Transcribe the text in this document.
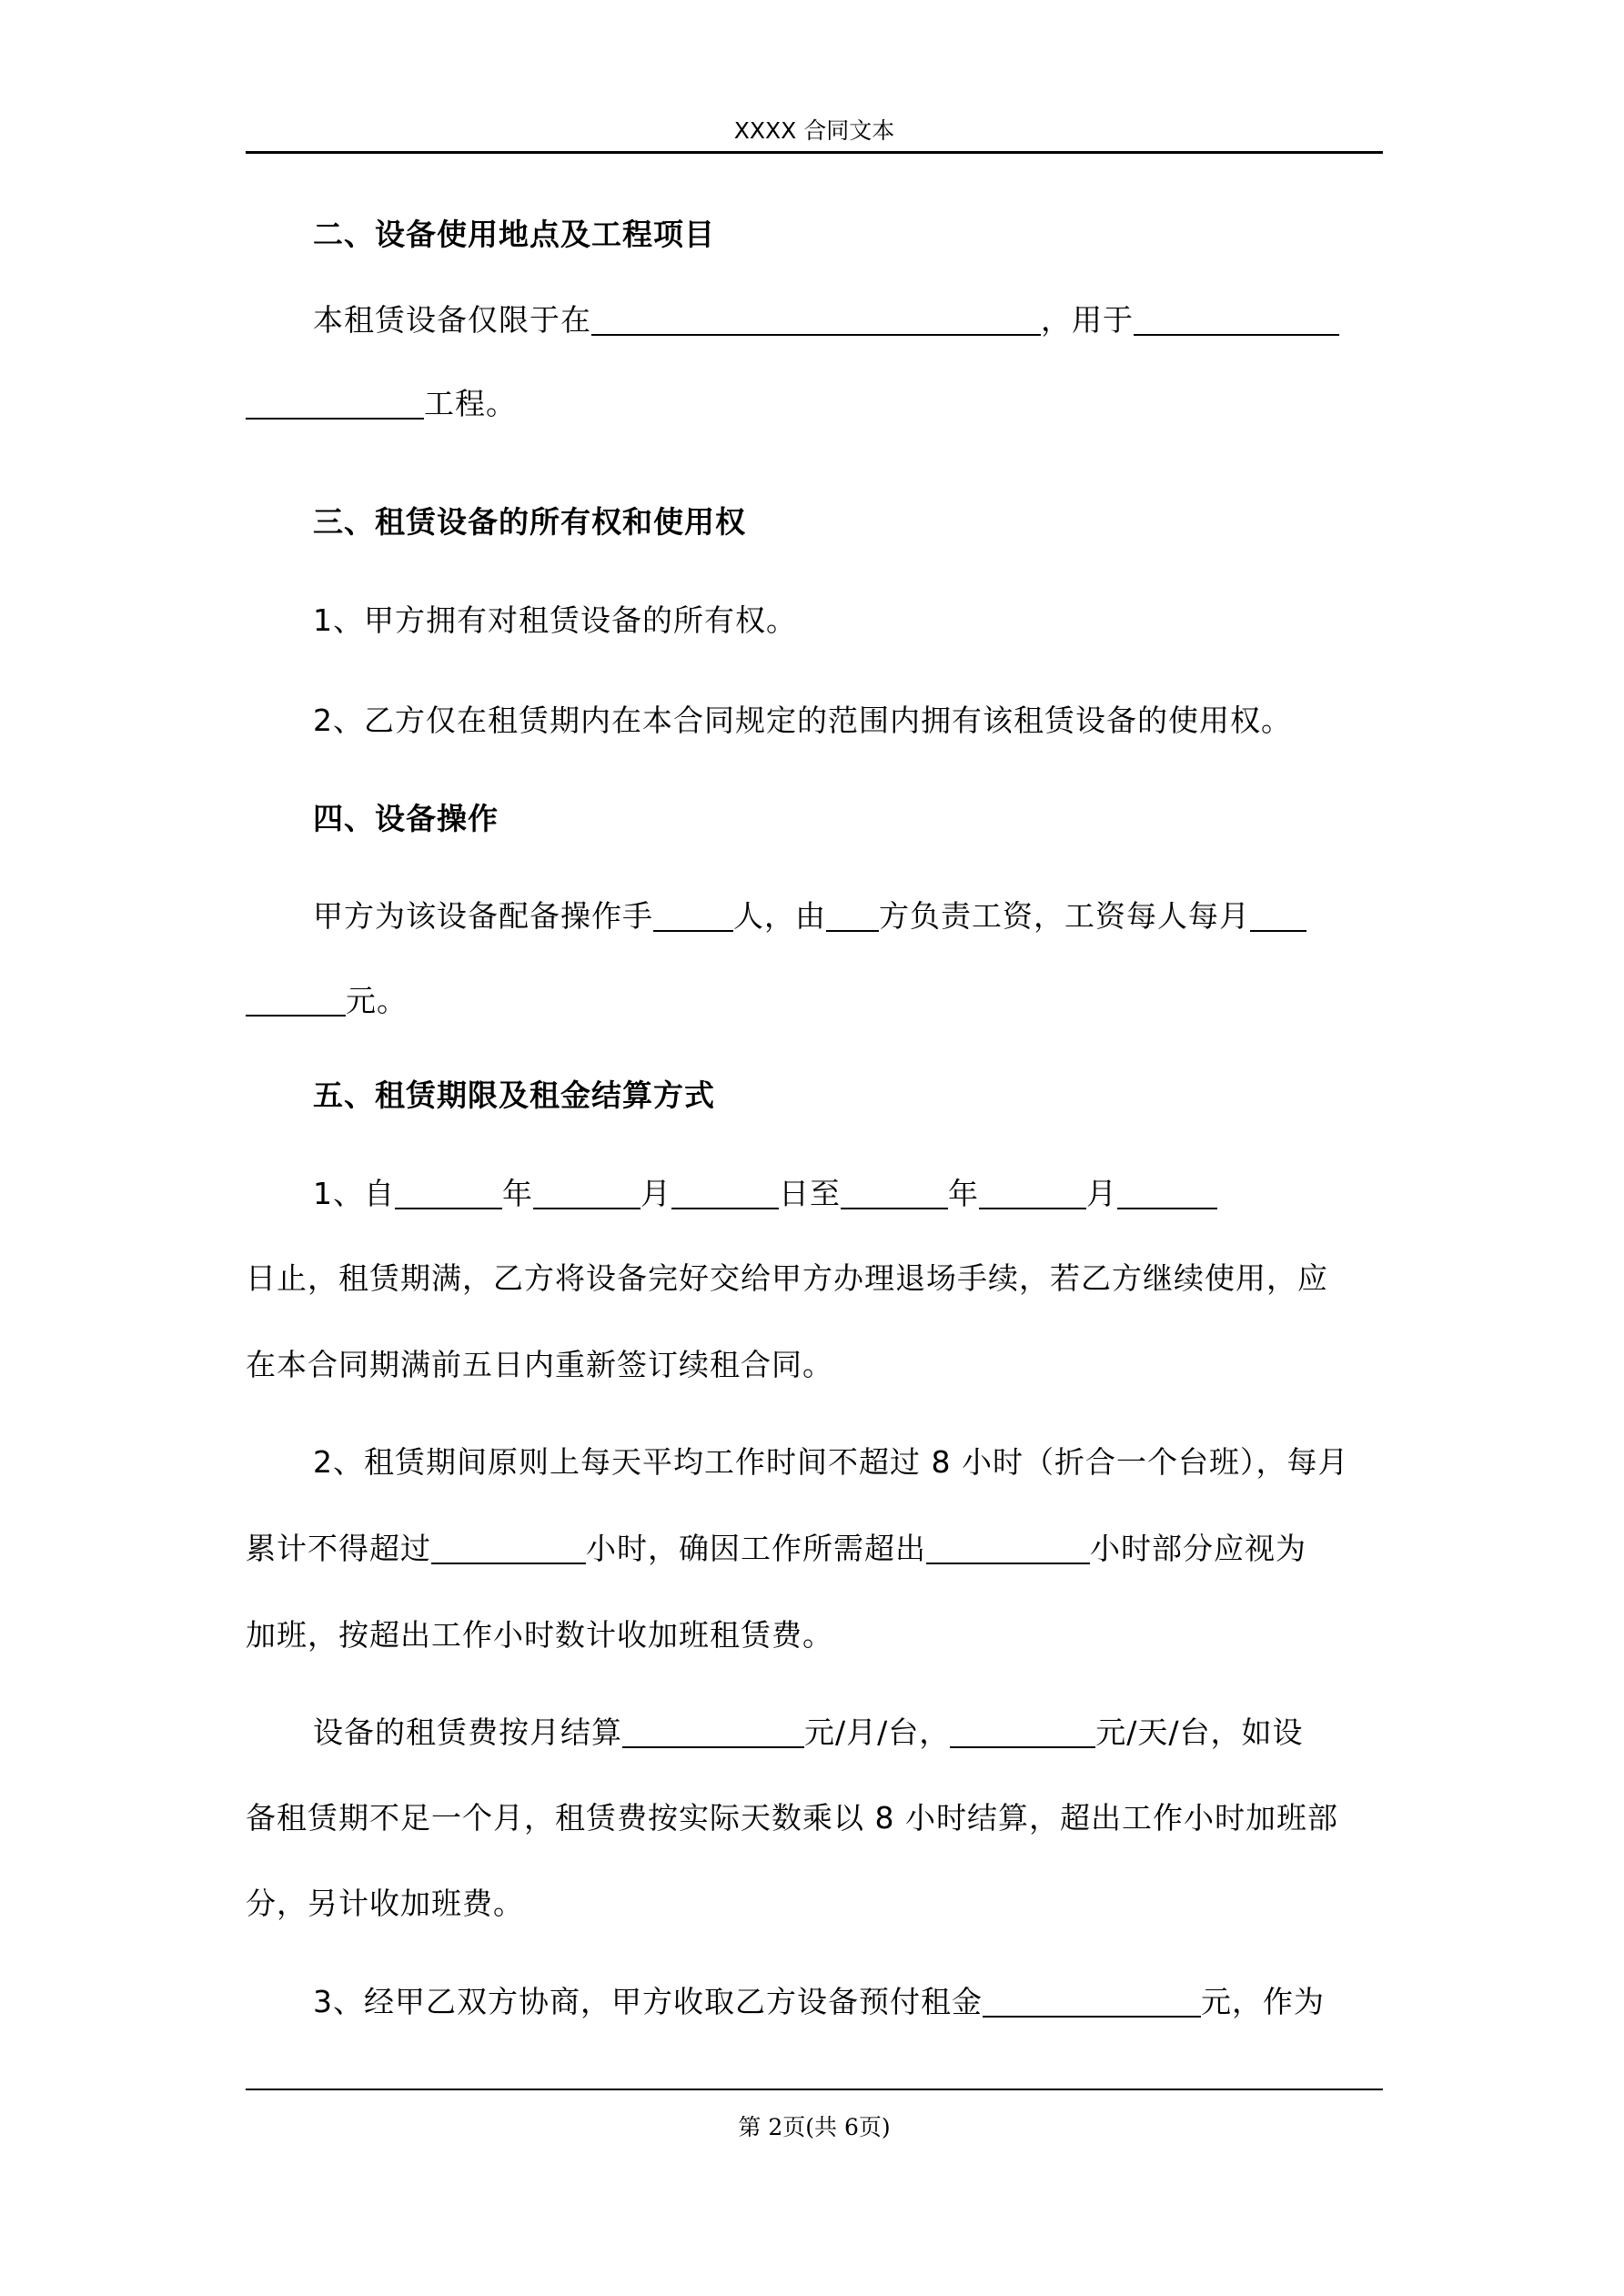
XXXX 合同文本
二、设备使用地点及工程项目
本租赁设备仅限于在	，用于
工程。
三、租赁设备的所有权和使用权
1、甲方拥有对租赁设备的所有权。
2、乙方仅在租赁期内在本合同规定的范围内拥有该租赁设备的使用权。
四、设备操作
甲方为该设备配备操作手	人，由 方负责工资，工资每人每月
元。
五、租赁期限及租金结算方式
1、自	年	月	日至	年	月
日止，租赁期满，乙方将设备完好交给甲方办理退场手续，若乙方继续使用，应
在本合同期满前五日内重新签订续租合同。
2、租赁期间原则上每天平均工作时间不超过 8 小时（折合一个台班），每月
累计不得超过	小时，确因工作所需超出	小时部分应视为
加班，按超出工作小时数计收加班租赁费。
设备的租赁费按月结算	元/月/台，	元/天/台，如设
备租赁期不足一个月，租赁费按实际天数乘以 8 小时结算，超出工作小时加班部
分，另计收加班费。
3、经甲乙双方协商，甲方收取乙方设备预付租金	元，作为
第 2页(共 6页)
